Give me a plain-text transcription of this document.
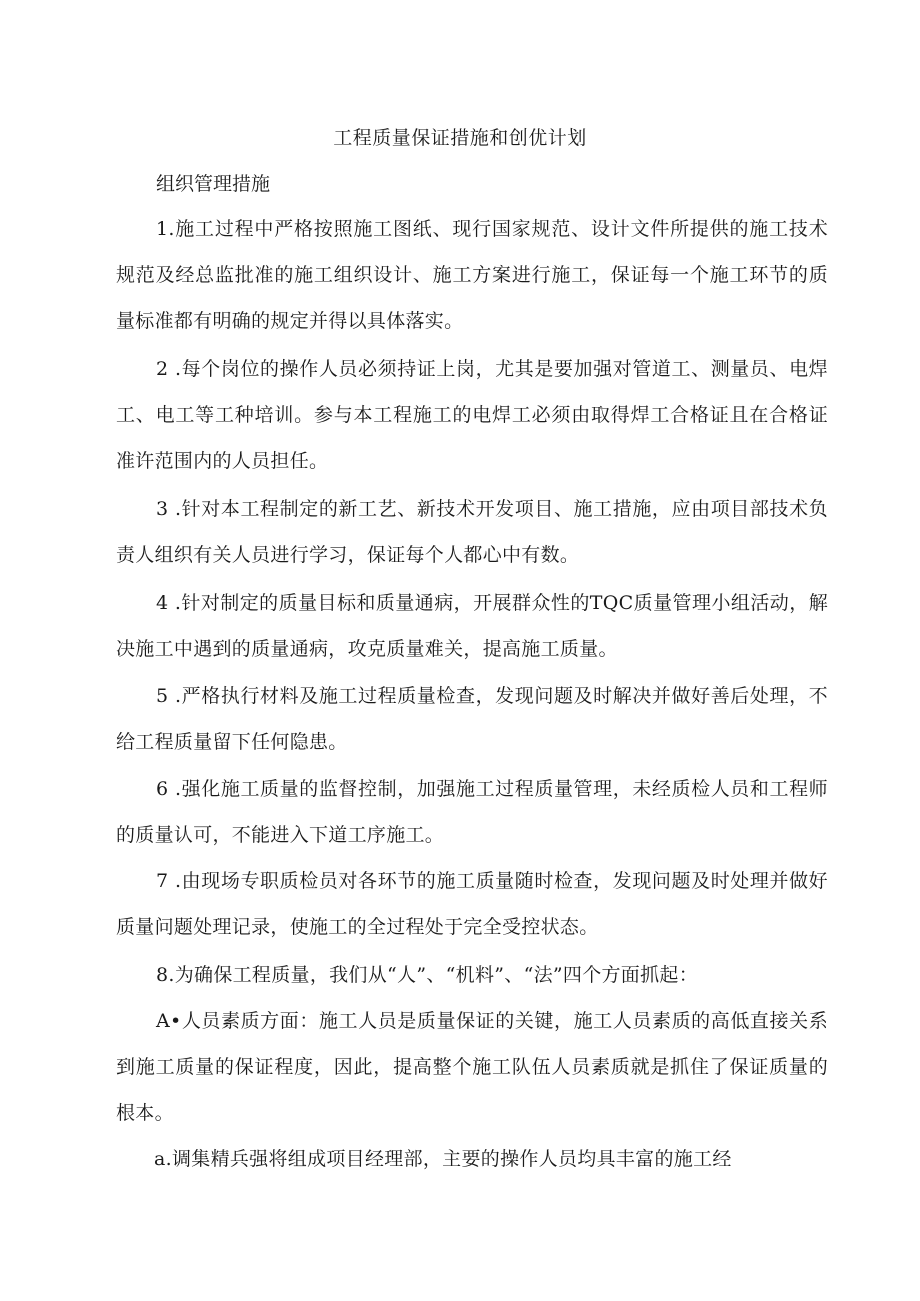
工程质量保证措施和创优计划
组织管理措施

1.施工过程中严格按照施工图纸、现行国家规范、设计文件所提供的施工技术规范及经总监批准的施工组织设计、施工方案进行施工，保证每一个施工环节的质量标准都有明确的规定并得以具体落实。

2 .每个岗位的操作人员必须持证上岗，尤其是要加强对管道工、测量员、电焊工、电工等工种培训。参与本工程施工的电焊工必须由取得焊工合格证且在合格证准许范围内的人员担任。

3 .针对本工程制定的新工艺、新技术开发项目、施工措施，应由项目部技术负责人组织有关人员进行学习，保证每个人都心中有数。

4 .针对制定的质量目标和质量通病，开展群众性的TQC质量管理小组活动，解决施工中遇到的质量通病，攻克质量难关，提高施工质量。

5 .严格执行材料及施工过程质量检查，发现问题及时解决并做好善后处理，不给工程质量留下任何隐患。

6 .强化施工质量的监督控制，加强施工过程质量管理，未经质检人员和工程师的质量认可，不能进入下道工序施工。

7 .由现场专职质检员对各环节的施工质量随时检查，发现问题及时处理并做好质量问题处理记录，使施工的全过程处于完全受控状态。

8.为确保工程质量，我们从“人”、“机料”、“法”四个方面抓起：

A•人员素质方面：施工人员是质量保证的关键，施工人员素质的高低直接关系到施工质量的保证程度，因此，提高整个施工队伍人员素质就是抓住了保证质量的根本。

a.调集精兵强将组成项目经理部，主要的操作人员均具丰富的施工经
